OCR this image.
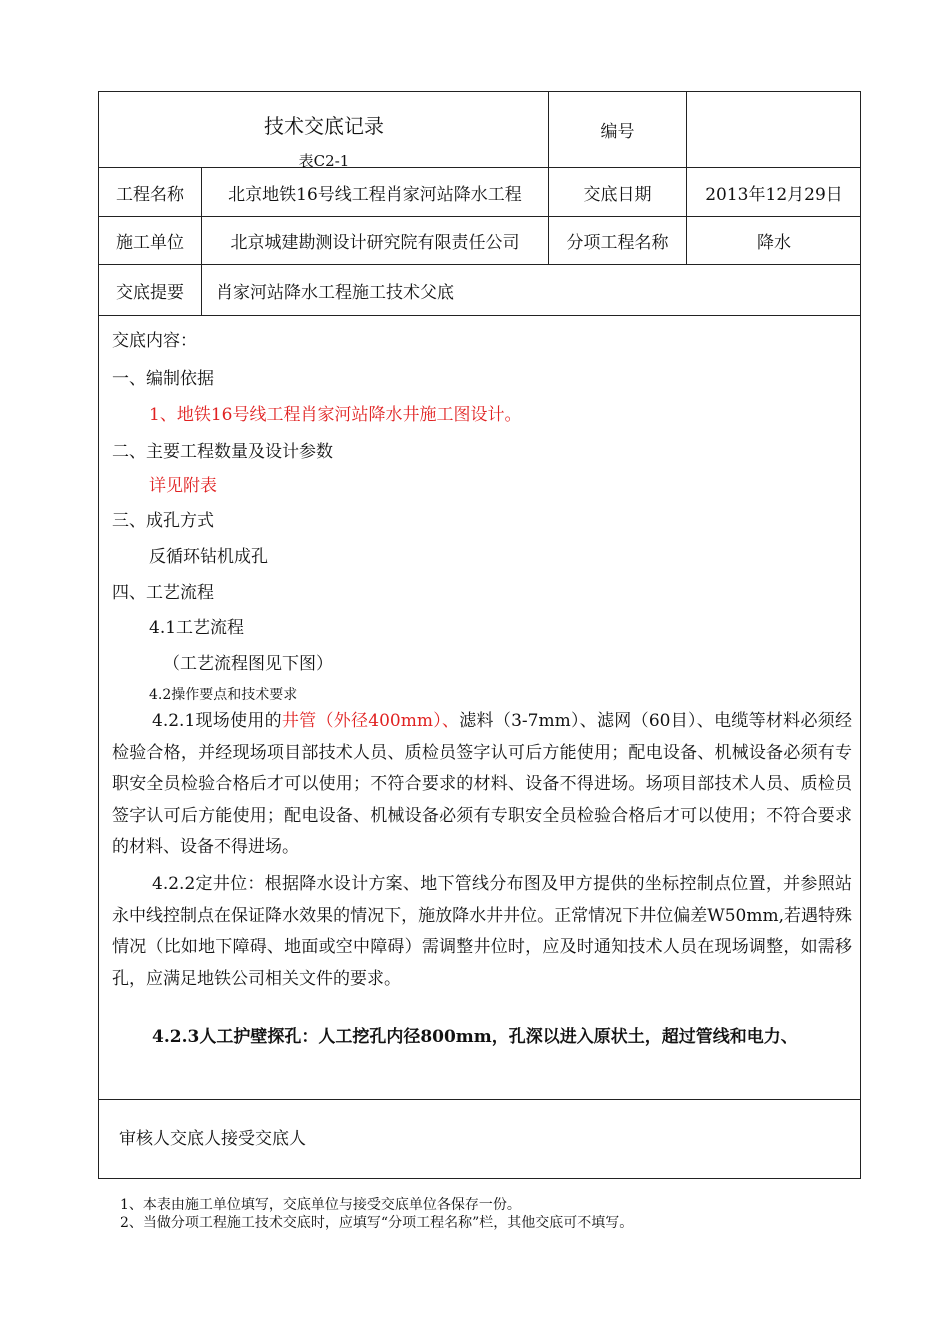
技术交底记录
表C2-1
编号
工程名称	北京地铁16号线工程肖家河站降水工程	交底日期	2013年12月29日
施工单位	北京城建勘测设计研究院有限责任公司	分项工程名称	降水
交底提要	肖家河站降水工程施工技术父底
交底内容：
一、编制依据
1、地铁16号线工程肖家河站降水井施工图设计。
二、主要工程数量及设计参数
详见附表
三、成孔方式
反循环钻机成孔
四、工艺流程
4.1工艺流程
（工艺流程图见下图）
4.2操作要点和技术要求
4.2.1现场使用的井管（外径400mm）、滤料（3-7mm）、滤网（60目）、电缆等材料必须经检验合格，并经现场项目部技术人员、质检员签字认可后方能使用；配电设备、机械设备必须有专职安全员检验合格后才可以使用；不符合要求的材料、设备不得进场。场项目部技术人员、质检员签字认可后方能使用；配电设备、机械设备必须有专职安全员检验合格后才可以使用；不符合要求的材料、设备不得进场。
4.2.2定井位：根据降水设计方案、地下管线分布图及甲方提供的坐标控制点位置，并参照站永中线控制点在保证降水效果的情况下，施放降水井井位。正常情况下井位偏差W50mm,若遇特殊情况（比如地下障碍、地面或空中障碍）需调整井位时，应及时通知技术人员在现场调整，如需移孔，应满足地铁公司相关文件的要求。
4.2.3人工护壁探孔：人工挖孔内径800mm，孔深以进入原状土，超过管线和电力、
审核人交底人接受交底人
1、本表由施工单位填写，交底单位与接受交底单位各保存一份。
2、当做分项工程施工技术交底时，应填写“分项工程名称”栏，其他交底可不填写。
